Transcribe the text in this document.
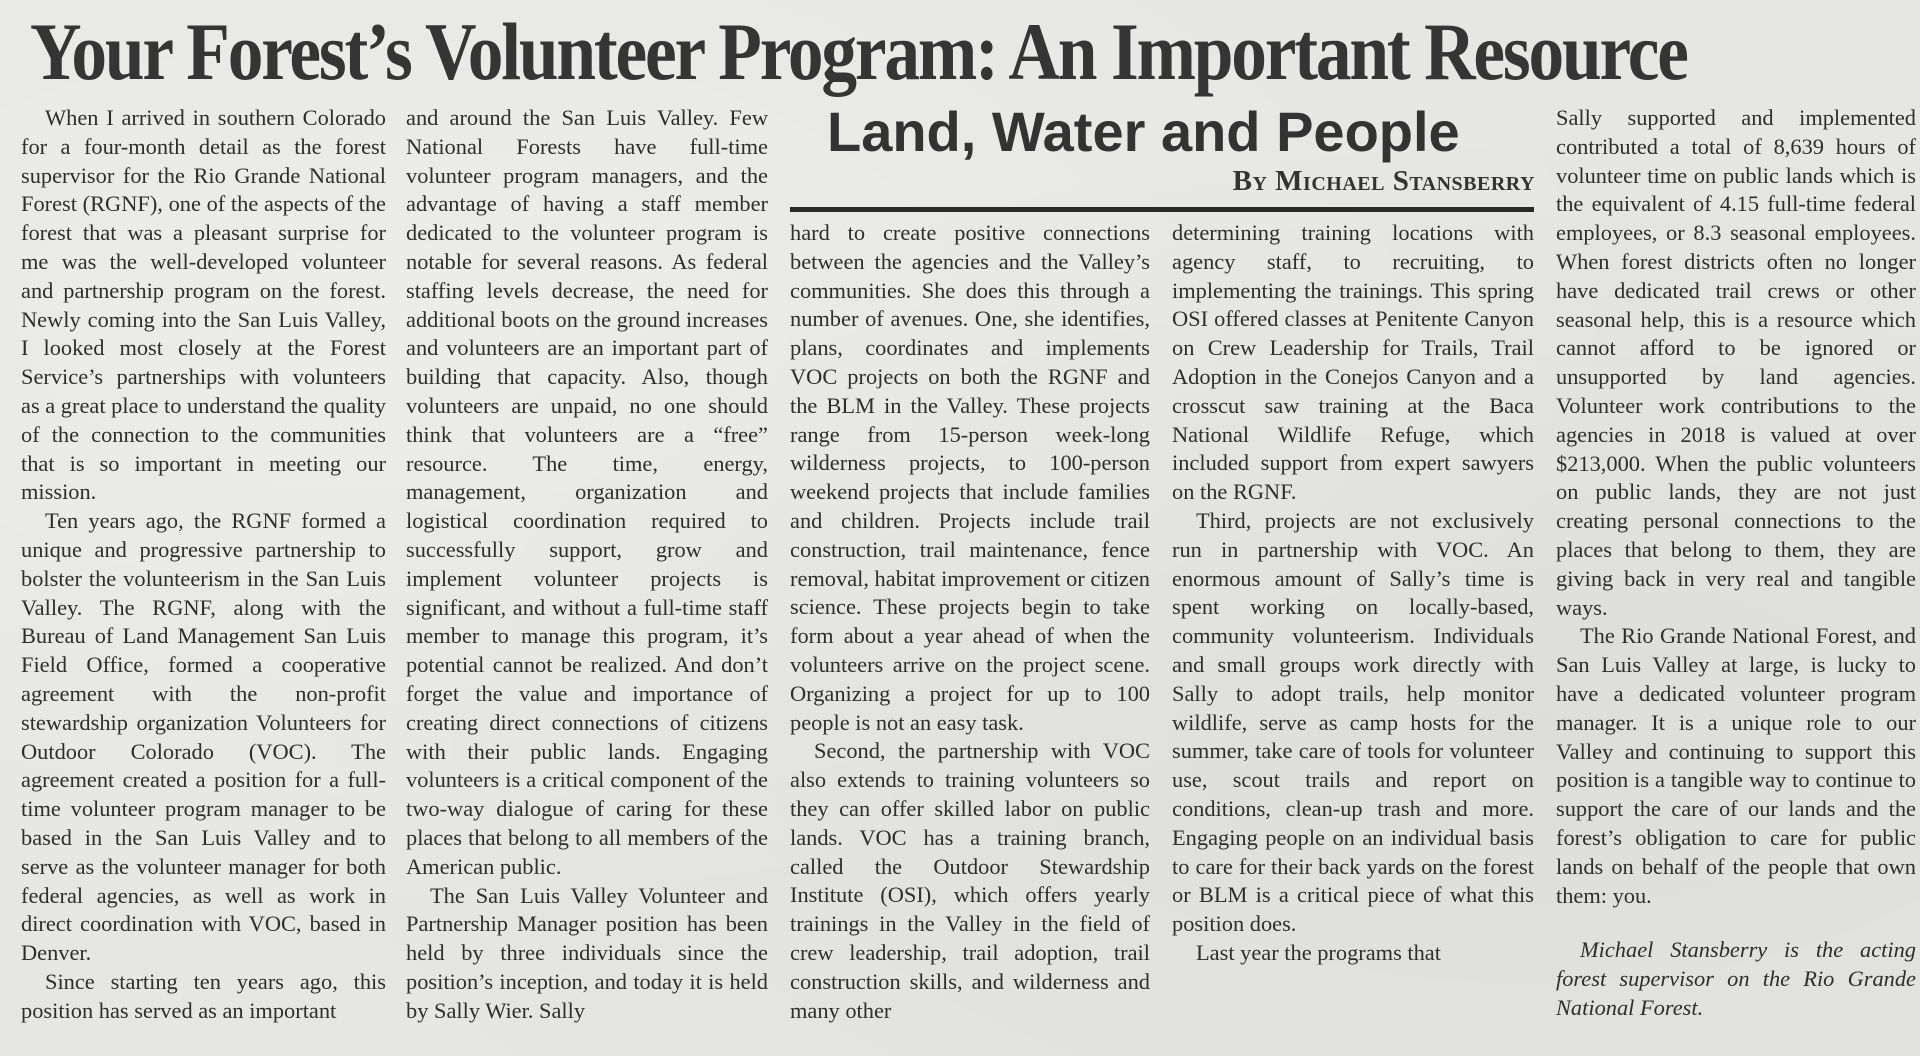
Your Forest’s Volunteer Program: An Important Resource

When I arrived in southern Colorado for a four-month detail as the forest supervisor for the Rio Grande National Forest (RGNF), one of the aspects of the forest that was a pleasant surprise for me was the well-developed volunteer and partnership program on the forest. Newly coming into the San Luis Valley, I looked most closely at the Forest Service’s partnerships with volunteers as a great place to understand the quality of the connection to the communities that is so important in meeting our mission.

Ten years ago, the RGNF formed a unique and progressive partnership to bolster the volunteerism in the San Luis Valley. The RGNF, along with the Bureau of Land Management San Luis Field Office, formed a cooperative agreement with the non-profit stewardship organization Volunteers for Outdoor Colorado (VOC). The agreement created a position for a full-time volunteer program manager to be based in the San Luis Valley and to serve as the volunteer manager for both federal agencies, as well as work in direct coordination with VOC, based in Denver.

Since starting ten years ago, this position has served as an important

and around the San Luis Valley. Few National Forests have full-time volunteer program managers, and the advantage of having a staff member dedicated to the volunteer program is notable for several reasons. As federal staffing levels decrease, the need for additional boots on the ground increases and volunteers are an important part of building that capacity. Also, though volunteers are unpaid, no one should think that volunteers are a “free” resource. The time, energy, management, organization and logistical coordination required to successfully support, grow and implement volunteer projects is significant, and without a full-time staff member to manage this program, it’s potential cannot be realized. And don’t forget the value and importance of creating direct connections of citizens with their public lands. Engaging volunteers is a critical component of the two-way dialogue of caring for these places that belong to all members of the American public.

The San Luis Valley Volunteer and Partnership Manager position has been held by three individuals since the position’s inception, and today it is held by Sally Wier. Sally

Land, Water and People
By Michael Stansberry

hard to create positive connections between the agencies and the Valley’s communities. She does this through a number of avenues. One, she identifies, plans, coordinates and implements VOC projects on both the RGNF and the BLM in the Valley. These projects range from 15-person week-long wilderness projects, to 100-person weekend projects that include families and children. Projects include trail construction, trail maintenance, fence removal, habitat improvement or citizen science. These projects begin to take form about a year ahead of when the volunteers arrive on the project scene. Organizing a project for up to 100 people is not an easy task.

Second, the partnership with VOC also extends to training volunteers so they can offer skilled labor on public lands. VOC has a training branch, called the Outdoor Stewardship Institute (OSI), which offers yearly trainings in the Valley in the field of crew leadership, trail adoption, trail construction skills, and wilderness and many other

determining training locations with agency staff, to recruiting, to implementing the trainings. This spring OSI offered classes at Penitente Canyon on Crew Leadership for Trails, Trail Adoption in the Conejos Canyon and a crosscut saw training at the Baca National Wildlife Refuge, which included support from expert sawyers on the RGNF.

Third, projects are not exclusively run in partnership with VOC. An enormous amount of Sally’s time is spent working on locally-based, community volunteerism. Individuals and small groups work directly with Sally to adopt trails, help monitor wildlife, serve as camp hosts for the summer, take care of tools for volunteer use, scout trails and report on conditions, clean-up trash and more. Engaging people on an individual basis to care for their back yards on the forest or BLM is a critical piece of what this position does.

Last year the programs that

Sally supported and implemented contributed a total of 8,639 hours of volunteer time on public lands which is the equivalent of 4.15 full-time federal employees, or 8.3 seasonal employees. When forest districts often no longer have dedicated trail crews or other seasonal help, this is a resource which cannot afford to be ignored or unsupported by land agencies. Volunteer work contributions to the agencies in 2018 is valued at over $213,000. When the public volunteers on public lands, they are not just creating personal connections to the places that belong to them, they are giving back in very real and tangible ways.

The Rio Grande National Forest, and San Luis Valley at large, is lucky to have a dedicated volunteer program manager. It is a unique role to our Valley and continuing to support this position is a tangible way to continue to support the care of our lands and the forest’s obligation to care for public lands on behalf of the people that own them: you.

Michael Stansberry is the acting forest supervisor on the Rio Grande National Forest.
